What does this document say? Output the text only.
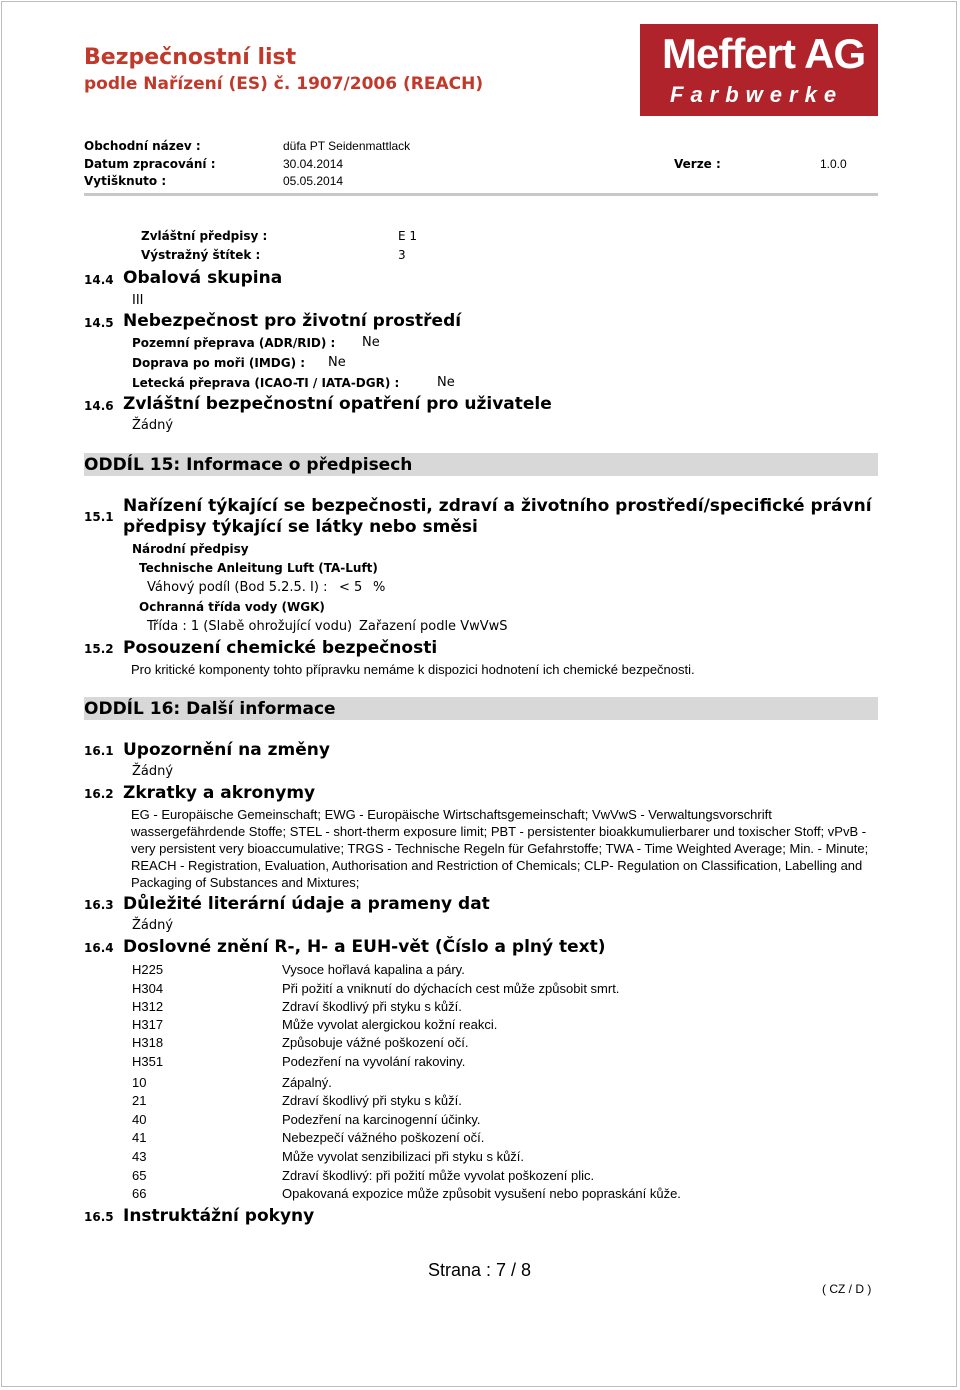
Bezpečnostní list
podle Nařízení (ES) č. 1907/2006 (REACH)
Meffert AG
Farbwerke
Obchodní název :	düfa PT Seidenmattlack
Datum zpracování :	30.04.2014	Verze :	1.0.0
Vytišknuto :	05.05.2014
Zvláštní předpisy :	E 1
Výstražný štítek :	3
14.4 Obalová skupina
III
14.5 Nebezpečnost pro životní prostředí
Pozemní přeprava (ADR/RID) : Ne
Doprava po moři (IMDG) : Ne
Letecká přeprava (ICAO-TI / IATA-DGR) :	Ne
14.6 Zvláštní bezpečnostní opatření pro uživatele
Žádný
ODDÍL 15: Informace o předpisech
15.1
Nařízení týkající se bezpečnosti, zdraví a životního prostředí/specifické právní
předpisy týkající se látky nebo směsi
Národní předpisy
Technische Anleitung Luft (TA-Luft)
Váhový podíl (Bod 5.2.5. I) : < 5 %
Ochranná třída vody (WGK)
Třída : 1 (Slabě ohrožující vodu) Zařazení podle VwVwS
15.2 Posouzení chemické bezpečnosti
Pro kritické komponenty tohto přípravku nemáme k dispozici hodnotení ich chemické bezpečnosti.
ODDÍL 16: Další informace
16.1 Upozornění na změny
Žádný
16.2 Zkratky a akronymy
EG - Europäische Gemeinschaft; EWG - Europäische Wirtschaftsgemeinschaft; VwVwS - Verwaltungsvorschrift wassergefährdende Stoffe; STEL - short-therm exposure limit; PBT - persistenter bioakkumulierbarer und toxischer Stoff; vPvB - very persistent very bioaccumulative; TRGS - Technische Regeln für Gefahrstoffe; TWA - Time Weighted Average; Min. - Minute; REACH - Registration, Evaluation, Authorisation and Restriction of Chemicals; CLP- Regulation on Classification, Labelling and Packaging of Substances and Mixtures;
16.3 Důležité literární údaje a prameny dat
Žádný
16.4 Doslovné znění R-, H- a EUH-vět (Číslo a plný text)
H225	Vysoce hořlavá kapalina a páry.
H304	Při požití a vniknutí do dýchacích cest může způsobit smrt.
H312	Zdraví škodlivý při styku s kůží.
H317	Může vyvolat alergickou kožní reakci.
H318	Způsobuje vážné poškození očí.
H351	Podezření na vyvolání rakoviny.
10	Zápalný.
21	Zdraví škodlivý při styku s kůží.
40	Podezření na karcinogenní účinky.
41	Nebezpečí vážného poškození očí.
43	Může vyvolat senzibilizaci při styku s kůží.
65	Zdraví škodlivý: při požití může vyvolat poškození plic.
66	Opakovaná expozice může způsobit vysušení nebo popraskání kůže.
16.5 Instruktážní pokyny
Strana : 7 / 8
( CZ / D )
